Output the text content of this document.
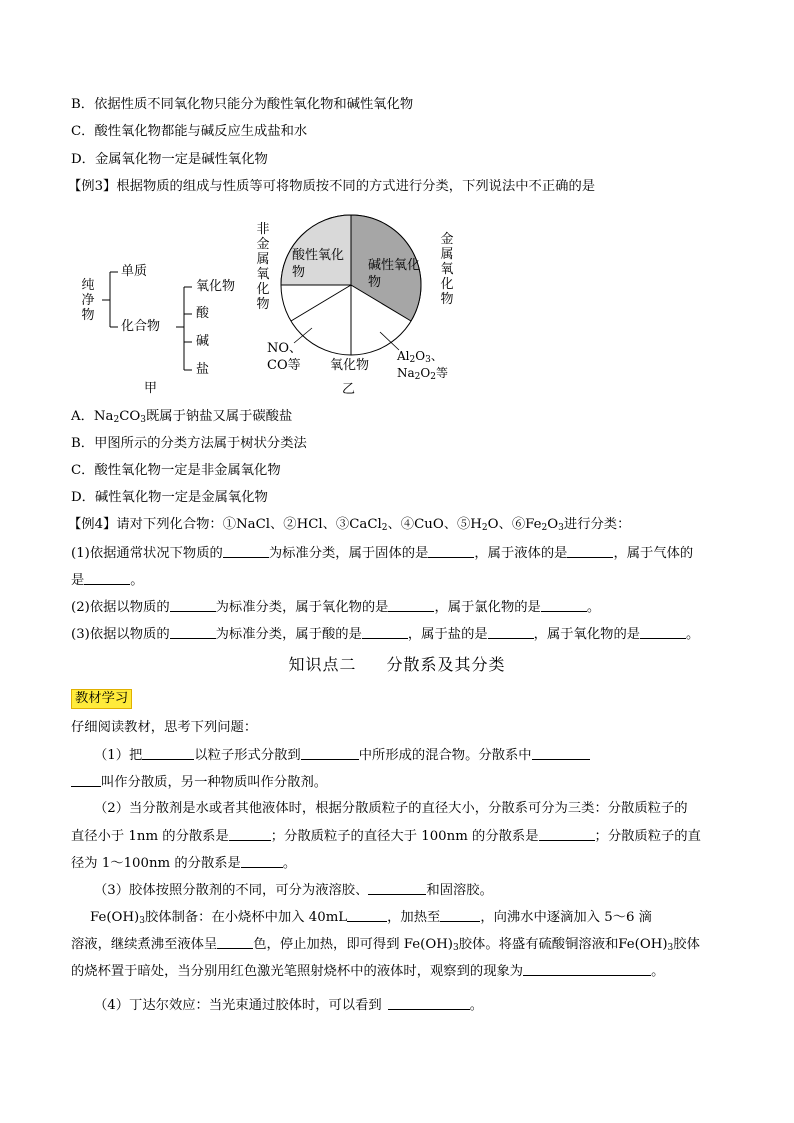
B．依据性质不同氧化物只能分为酸性氧化物和碱性氧化物
C．酸性氧化物都能与碱反应生成盐和水
D．金属氧化物一定是碱性氧化物
【例3】根据物质的组成与性质等可将物质按不同的方式进行分类，下列说法中不正确的是
纯净物
单质
化合物
氧化物
酸
碱
盐
甲
非金属氧化物
金属氧化物
酸性氧化物	碱性氧化物
氧化物
NO、
CO等
$Al_2O_3$、
$Na_2O_2$等
乙
A．$Na_2CO_3$既属于钠盐又属于碳酸盐
B．甲图所示的分类方法属于树状分类法
C．酸性氧化物一定是非金属氧化物
D．碱性氧化物一定是金属氧化物
【例4】请对下列化合物：①NaCl、②HCl、③CaCl$_2$、④CuO、$⑤H_2O$、$⑥Fe_2O_3$进行分类：
(1)依据通常状况下物质的	为标准分类，属于固体的是	，属于液体的是	，属于气体的
是	。
(2)依据以物质的	为标准分类，属于氧化物的是	，属于氯化物的是	。
(3)依据以物质的	为标准分类，属于酸的是	，属于盐的是	，属于氧化物的是	。
知识点二 分散系及其分类
教材学习
仔细阅读教材，思考下列问题：
（1）把	以粒子形式分散到	中所形成的混合物。分散系中
叫作分散质，另一种物质叫作分散剂。
（2）当分散剂是水或者其他液体时，根据分散质粒子的直径大小，分散系可分为三类：分散质粒子的
直径小于 1nm 的分散系是	；分散质粒子的直径大于 100nm 的分散系是	；分散质粒子的直
径为 1～100nm 的分散系是	。
（3）胶体按照分散剂的不同，可分为液溶胶、	和固溶胶。
$Fe(OH)_3$胶体制备：在小烧杯中加入 40mL	，加热至	，向沸水中逐滴加入 5～6 滴
溶液，继续煮沸至液体呈	色，停止加热，即可得到 $Fe(OH)_3$胶体。将盛有硫酸铜溶液和$Fe(OH)_3$胶体
的烧杯置于暗处，当分别用红色激光笔照射烧杯中的液体时，观察到的现象为	。
（4）丁达尔效应：当光束通过胶体时，可以看到	。
